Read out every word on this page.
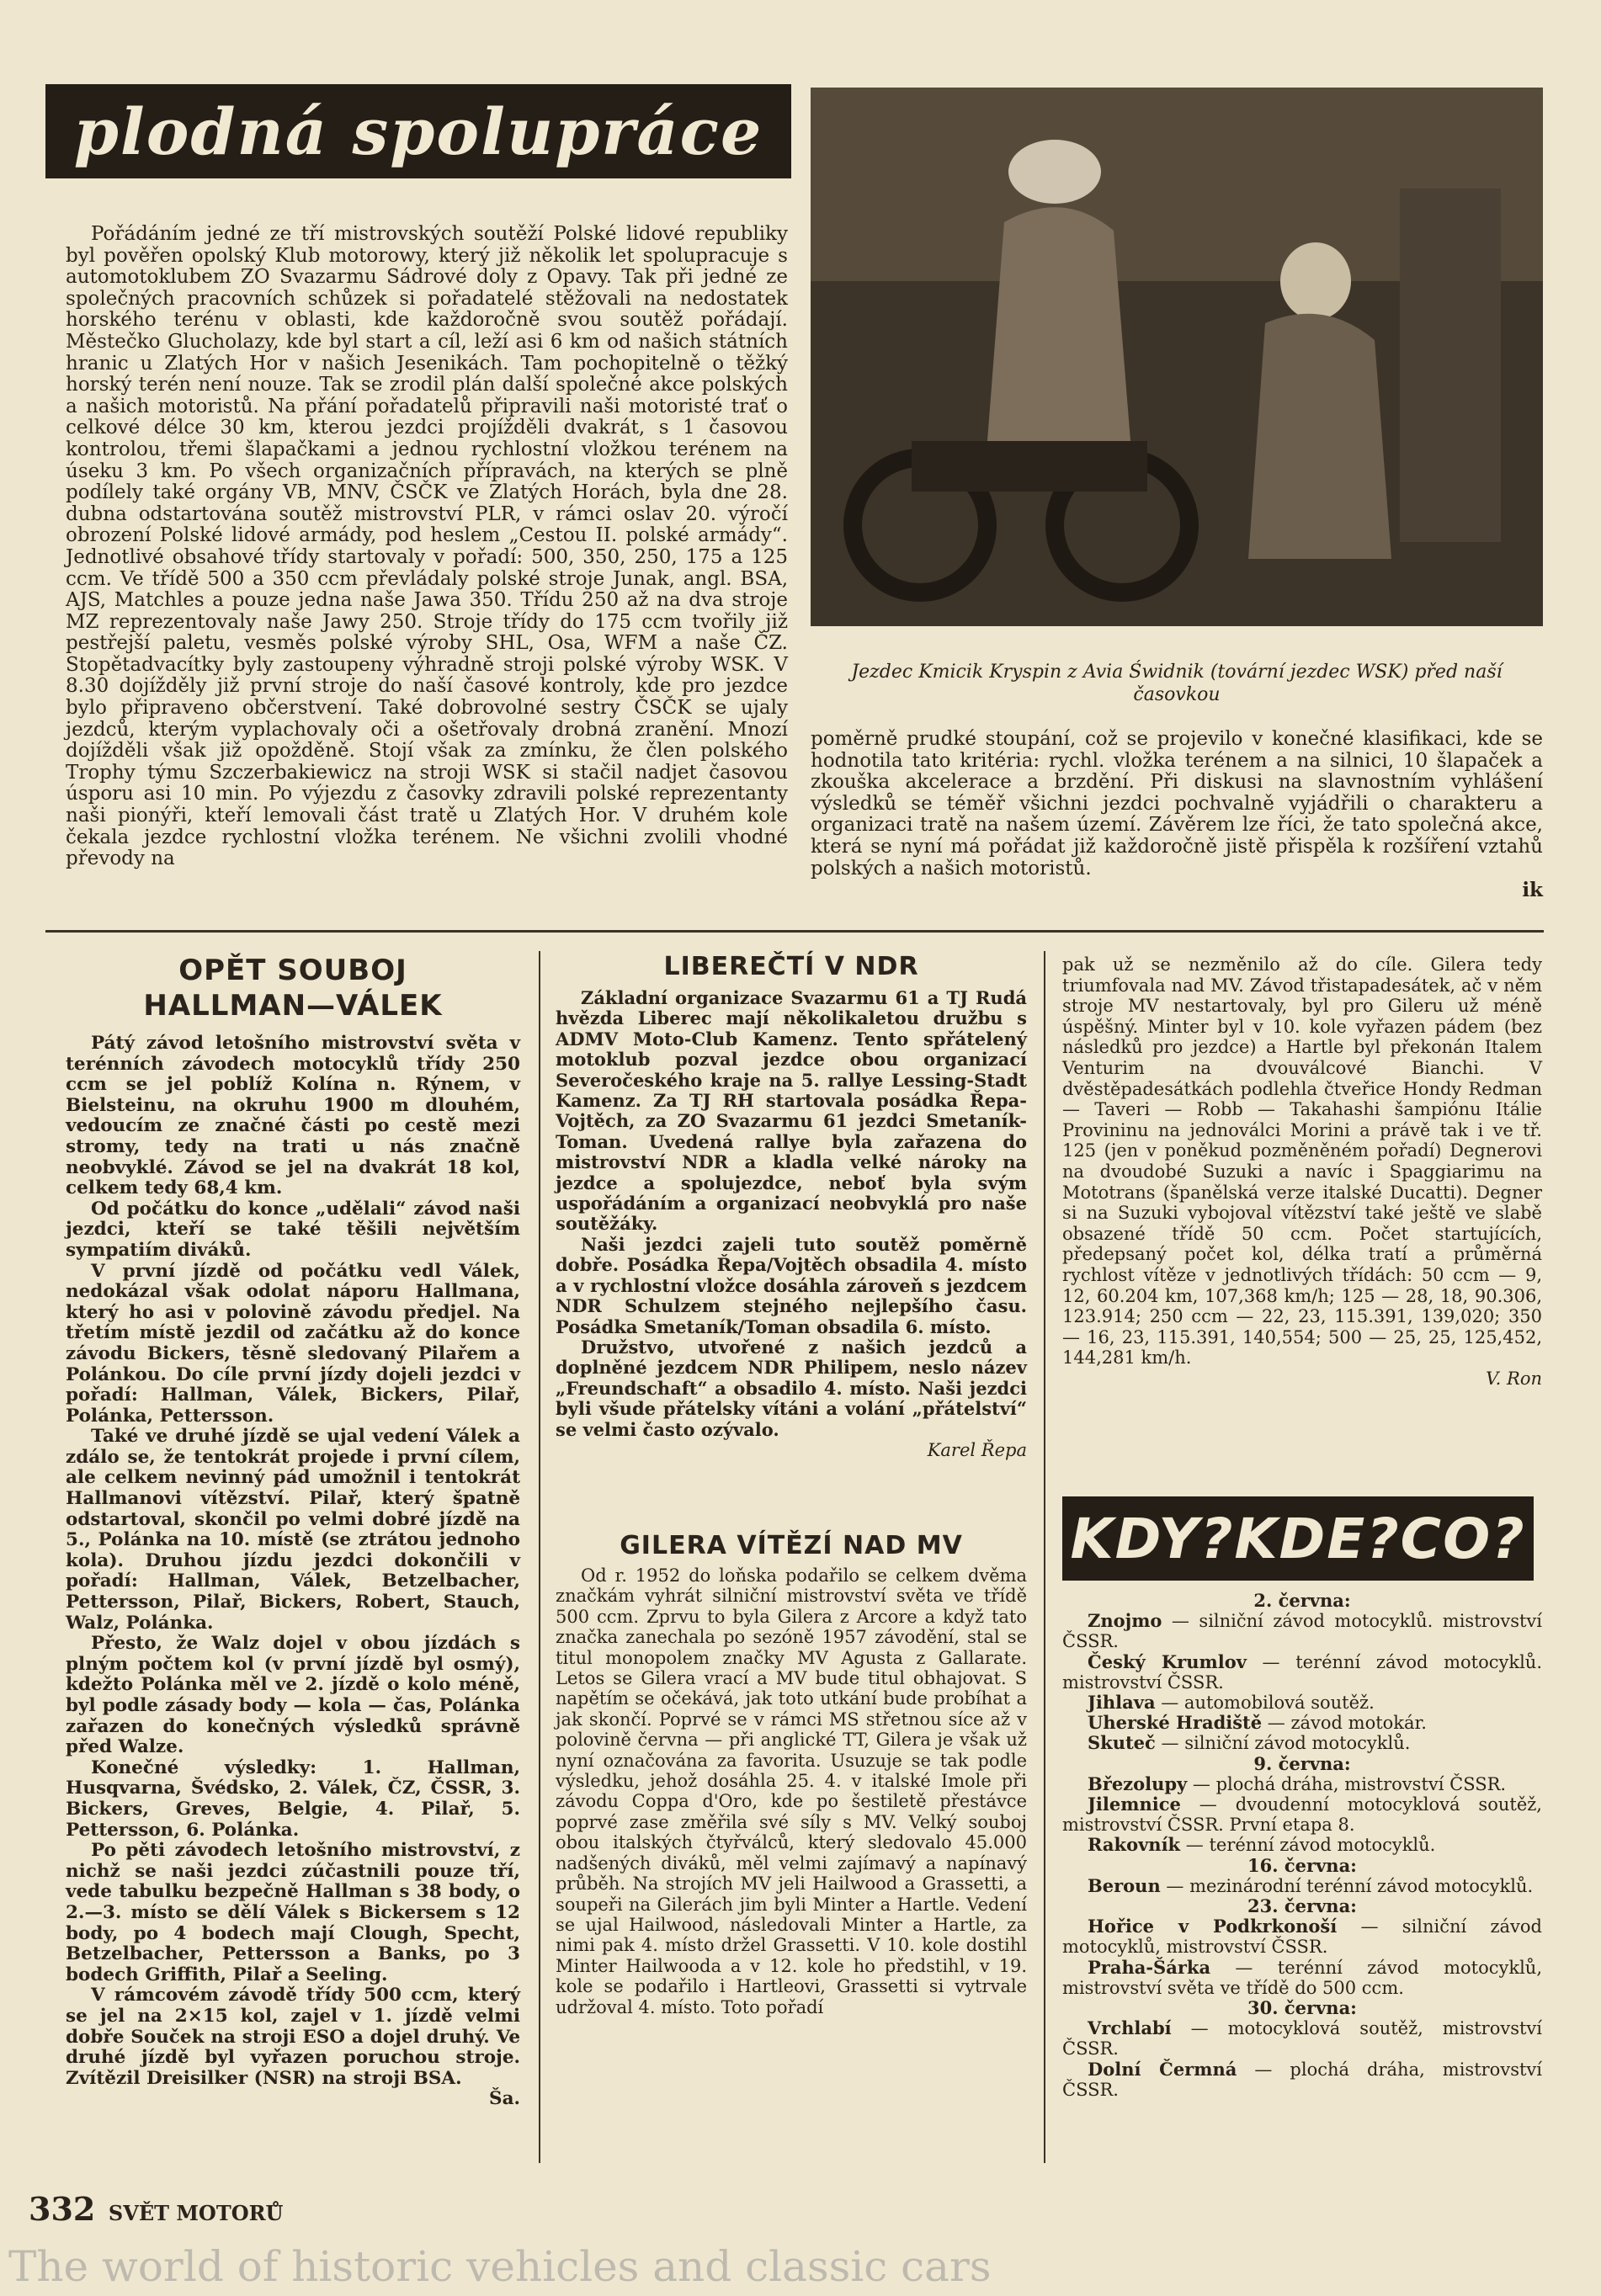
plodná spolupráce
Jezdec Kmicik Kryspin z Avia Świdnik (tovární jezdec WSK) před naší časovkou

Pořádáním jedné ze tří mistrovských soutěží Polské lidové republiky byl pověřen opolský Klub motorowy, který již několik let spolupracuje s automotoklubem ZO Svazarmu Sádrové doly z Opavy. Tak při jedné ze společných pracovních schůzek si pořadatelé stěžovali na nedostatek horského terénu v oblasti, kde každoročně svou soutěž pořádají. Městečko Glucholazy, kde byl start a cíl, leží asi 6 km od našich státních hranic u Zlatých Hor v našich Jesenikách. Tam pochopitelně o těžký horský terén není nouze. Tak se zrodil plán další společné akce polských a našich motoristů. Na přání pořadatelů připravili naši motoristé trať o celkové délce 30 km, kterou jezdci projížděli dvakrát, s 1 časovou kontrolou, třemi šlapačkami a jednou rychlostní vložkou terénem na úseku 3 km. Po všech organizačních přípravách, na kterých se plně podílely také orgány VB, MNV, ČSČK ve Zlatých Horách, byla dne 28. dubna odstartována soutěž mistrovství PLR, v rámci oslav 20. výročí obrození Polské lidové armády, pod heslem „Cestou II. polské armády“. Jednotlivé obsahové třídy startovaly v pořadí: 500, 350, 250, 175 a 125 ccm. Ve třídě 500 a 350 ccm převládaly polské stroje Junak, angl. BSA, AJS, Matchles a pouze jedna naše Jawa 350. Třídu 250 až na dva stroje MZ reprezentovaly naše Jawy 250. Stroje třídy do 175 ccm tvořily již pestřejší paletu, vesměs polské výroby SHL, Osa, WFM a naše ČZ. Stopětadvacítky byly zastoupeny výhradně stroji polské výroby WSK. V 8.30 dojížděly již první stroje do naší časové kontroly, kde pro jezdce bylo připraveno občerstvení. Také dobrovolné sestry ČSČK se ujaly jezdců, kterým vyplachovaly oči a ošetřovaly drobná zranění. Mnozí dojížděli však již opožděně. Stojí však za zmínku, že člen polského Trophy týmu Szczerbakiewicz na stroji WSK si stačil nadjet časovou úsporu asi 10 min. Po výjezdu z časovky zdravili polské reprezentanty naši pionýři, kteří lemovali část tratě u Zlatých Hor. V druhém kole čekala jezdce rychlostní vložka terénem. Ne všichni zvolili vhodné převody na

poměrně prudké stoupání, což se projevilo v konečné klasifikaci, kde se hodnotila tato kritéria: rychl. vložka terénem a na silnici, 10 šlapaček a zkouška akcelerace a brzdění. Při diskusi na slavnostním vyhlášení výsledků se téměř všichni jezdci pochvalně vyjádřili o charakteru a organizaci tratě na našem území. Závěrem lze říci, že tato společná akce, která se nyní má pořádat již každoročně jistě přispěla k rozšíření vztahů polských a našich motoristů.

ik
OPĚT SOUBOJ
HALLMAN—VÁLEK

Pátý závod letošního mistrovství světa v terénních závodech motocyklů třídy 250 ccm se jel poblíž Kolína n. Rýnem, v Bielsteinu, na okruhu 1900 m dlouhém, vedoucím ze značné části po cestě mezi stromy, tedy na trati u nás značně neobvyklé. Závod se jel na dvakrát 18 kol, celkem tedy 68,4 km.

Od počátku do konce „udělali“ závod naši jezdci, kteří se také těšili největším sympatiím diváků.

V první jízdě od počátku vedl Válek, nedokázal však odolat náporu Hallmana, který ho asi v polovině závodu předjel. Na třetím místě jezdil od začátku až do konce závodu Bickers, těsně sledovaný Pilařem a Polánkou. Do cíle první jízdy dojeli jezdci v pořadí: Hallman, Válek, Bickers, Pilař, Polánka, Pettersson.

Také ve druhé jízdě se ujal vedení Válek a zdálo se, že tentokrát projede i první cílem, ale celkem nevinný pád umožnil i tentokrát Hallmanovi vítězství. Pilař, který špatně odstartoval, skončil po velmi dobré jízdě na 5., Polánka na 10. místě (se ztrátou jednoho kola). Druhou jízdu jezdci dokončili v pořadí: Hallman, Válek, Betzelbacher, Pettersson, Pilař, Bickers, Robert, Stauch, Walz, Polánka.

Přesto, že Walz dojel v obou jízdách s plným počtem kol (v první jízdě byl osmý), kdežto Polánka měl ve 2. jízdě o kolo méně, byl podle zásady body — kola — čas, Polánka zařazen do konečných výsledků správně před Walze.

Konečné výsledky: 1. Hallman, Husqvarna, Švédsko, 2. Válek, ČZ, ČSSR, 3. Bickers, Greves, Belgie, 4. Pilař, 5. Pettersson, 6. Polánka.

Po pěti závodech letošního mistrovství, z nichž se naši jezdci zúčastnili pouze tří, vede tabulku bezpečně Hallman s 38 body, o 2.—3. místo se dělí Válek s Bickersem s 12 body, po 4 bodech mají Clough, Specht, Betzelbacher, Pettersson a Banks, po 3 bodech Griffith, Pilař a Seeling.

V rámcovém závodě třídy 500 ccm, který se jel na 2×15 kol, zajel v 1. jízdě velmi dobře Souček na stroji ESO a dojel druhý. Ve druhé jízdě byl vyřazen poruchou stroje. Zvítězil Dreisilker (NSR) na stroji BSA.

Ša.
LIBEREČTÍ V NDR

Základní organizace Svazarmu 61 a TJ Rudá hvězda Liberec mají několikaletou družbu s ADMV Moto-Club Kamenz. Tento spřátelený motoklub pozval jezdce obou organizací Severočeského kraje na 5. rallye Lessing-Stadt Kamenz. Za TJ RH startovala posádka Řepa-Vojtěch, za ZO Svazarmu 61 jezdci Smetaník-Toman. Uvedená rallye byla zařazena do mistrovství NDR a kladla velké nároky na jezdce a spolujezdce, neboť byla svým uspořádáním a organizací neobvyklá pro naše soutěžáky.

Naši jezdci zajeli tuto soutěž poměrně dobře. Posádka Řepa/Vojtěch obsadila 4. místo a v rychlostní vložce dosáhla zároveň s jezdcem NDR Schulzem stejného nejlepšího času. Posádka Smetaník/Toman obsadila 6. místo.

Družstvo, utvořené z našich jezdců a doplněné jezdcem NDR Philipem, neslo název „Freundschaft“ a obsadilo 4. místo. Naši jezdci byli všude přátelsky vítáni a volání „přátelství“ se velmi často ozývalo.

Karel Řepa
GILERA VÍTĚZÍ NAD MV

Od r. 1952 do loňska podařilo se celkem dvěma značkám vyhrát silniční mistrovství světa ve třídě 500 ccm. Zprvu to byla Gilera z Arcore a když tato značka zanechala po sezóně 1957 závodění, stal se titul monopolem značky MV Agusta z Gallarate. Letos se Gilera vrací a MV bude titul obhajovat. S napětím se očekává, jak toto utkání bude probíhat a jak skončí. Poprvé se v rámci MS střetnou síce až v polovině června — při anglické TT, Gilera je však už nyní označována za favorita. Usuzuje se tak podle výsledku, jehož dosáhla 25. 4. v italské Imole při závodu Coppa d'Oro, kde po šestiletě přestávce poprvé zase změřila své síly s MV. Velký souboj obou italských čtyřválců, který sledovalo 45.000 nadšených diváků, měl velmi zajímavý a napínavý průběh. Na strojích MV jeli Hailwood a Grassetti, a soupeři na Gilerách jim byli Minter a Hartle. Vedení se ujal Hailwood, následovali Minter a Hartle, za nimi pak 4. místo držel Grassetti. V 10. kole dostihl Minter Hailwooda a v 12. kole ho předstihl, v 19. kole se podařilo i Hartleovi, Grassetti si vytrvale udržoval 4. místo. Toto pořadí

pak už se nezměnilo až do cíle. Gilera tedy triumfovala nad MV. Závod třistapadesátek, ač v něm stroje MV nestartovaly, byl pro Gileru už méně úspěšný. Minter byl v 10. kole vyřazen pádem (bez následků pro jezdce) a Hartle byl překonán Italem Venturim na dvouválcové Bianchi. V dvěstěpadesátkách podlehla čtveřice Hondy Redman — Taveri — Robb — Takahashi šampiónu Itálie Provininu na jednoválci Morini a právě tak i ve tř. 125 (jen v poněkud pozměněném pořadí) Degnerovi na dvoudobé Suzuki a navíc i Spaggiarimu na Mototrans (španělská verze italské Ducatti). Degner si na Suzuki vybojoval vítězství také ještě ve slabě obsazené třídě 50 ccm. Počet startujících, předepsaný počet kol, délka tratí a průměrná rychlost vítěze v jednotlivých třídách: 50 ccm — 9, 12, 60.204 km, 107,368 km/h; 125 — 28, 18, 90.306, 123.914; 250 ccm — 22, 23, 115.391, 139,020; 350 — 16, 23, 115.391, 140,554; 500 — 25, 25, 125,452, 144,281 km/h.

V. Ron
KDY?KDE?CO?
2. června:

Znojmo — silniční závod motocyklů. mistrovství ČSSR.

Český Krumlov — terénní závod motocyklů. mistrovství ČSSR.

Jihlava — automobilová soutěž.

Uherské Hradiště — závod motokár.

Skuteč — silniční závod motocyklů.

9. června:

Březolupy — plochá dráha, mistrovství ČSSR.

Jilemnice — dvoudenní motocyklová soutěž, mistrovství ČSSR. První etapa 8.

Rakovník — terénní závod motocyklů.

16. června:

Beroun — mezinárodní terénní závod motocyklů.

23. června:

Hořice v Podkrkonoší — silniční závod motocyklů, mistrovství ČSSR.

Praha-Šárka — terénní závod motocyklů, mistrovství světa ve třídě do 500 ccm.

30. června:

Vrchlabí — motocyklová soutěž, mistrovství ČSSR.

Dolní Čermná — plochá dráha, mistrovství ČSSR.

332 SVĚT MOTORŮ
The world of historic vehicles and classic cars
